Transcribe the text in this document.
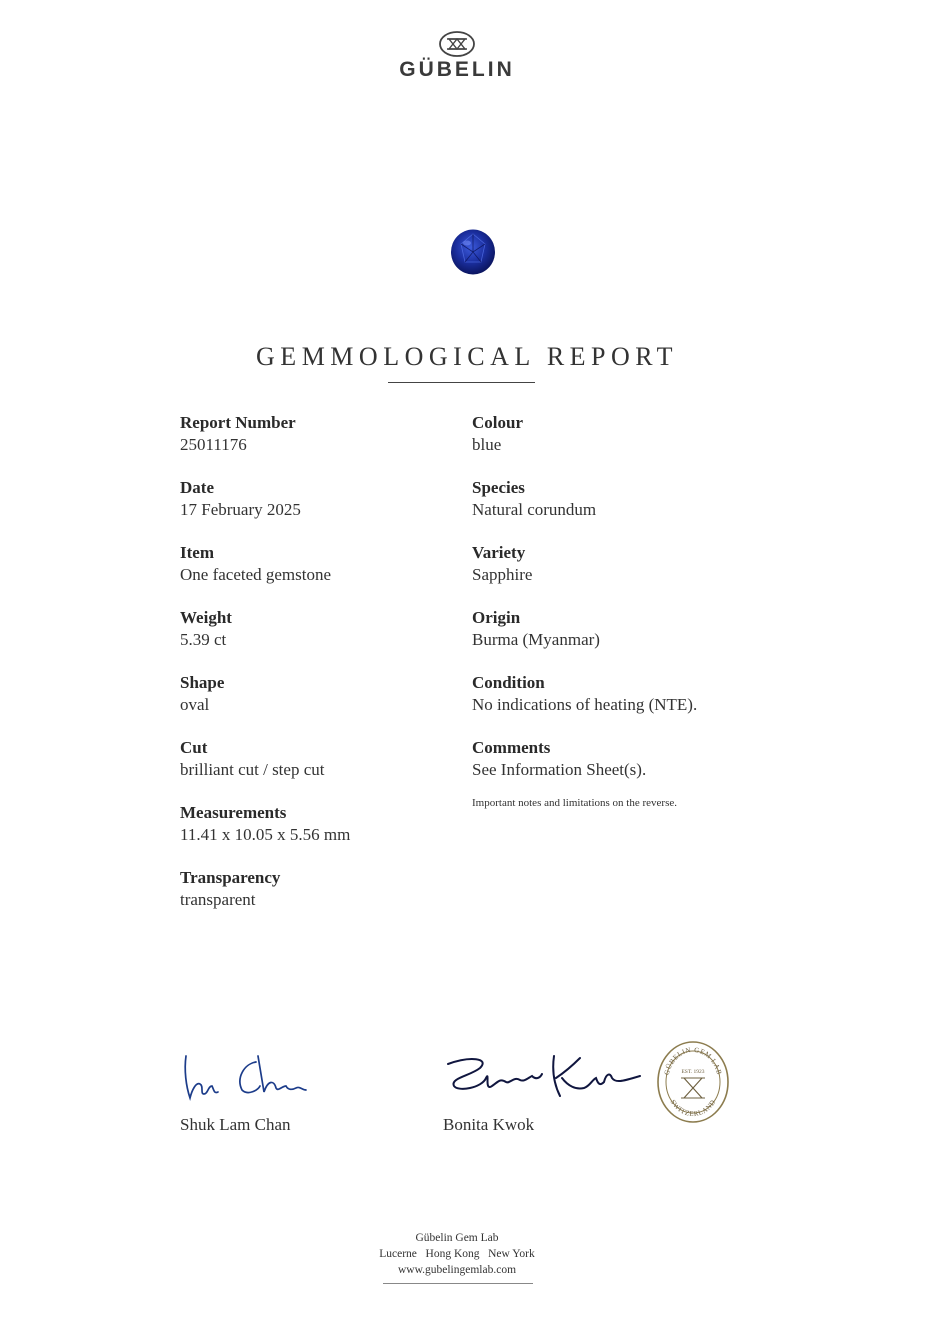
GÜBELIN
GEMMOLOGICAL REPORT
Report Number
25011176
Date
17 February 2025
Item
One faceted gemstone
Weight
5.39 ct
Shape
oval
Cut
brilliant cut / step cut
Measurements
11.41 x 10.05 x 5.56 mm
Transparency
transparent
Colour
blue
Species
Natural corundum
Variety
Sapphire
Origin
Burma (Myanmar)
Condition
No indications of heating (NTE).
Comments
See Information Sheet(s).
Important notes and limitations on the reverse.
Shuk Lam Chan	Bonita Kwok
GÜBELIN GEM LAB
SWITZERLAND
EST. 1923
Gübelin Gem Lab
Lucerne   Hong Kong   New York
www.gubelingemlab.com
